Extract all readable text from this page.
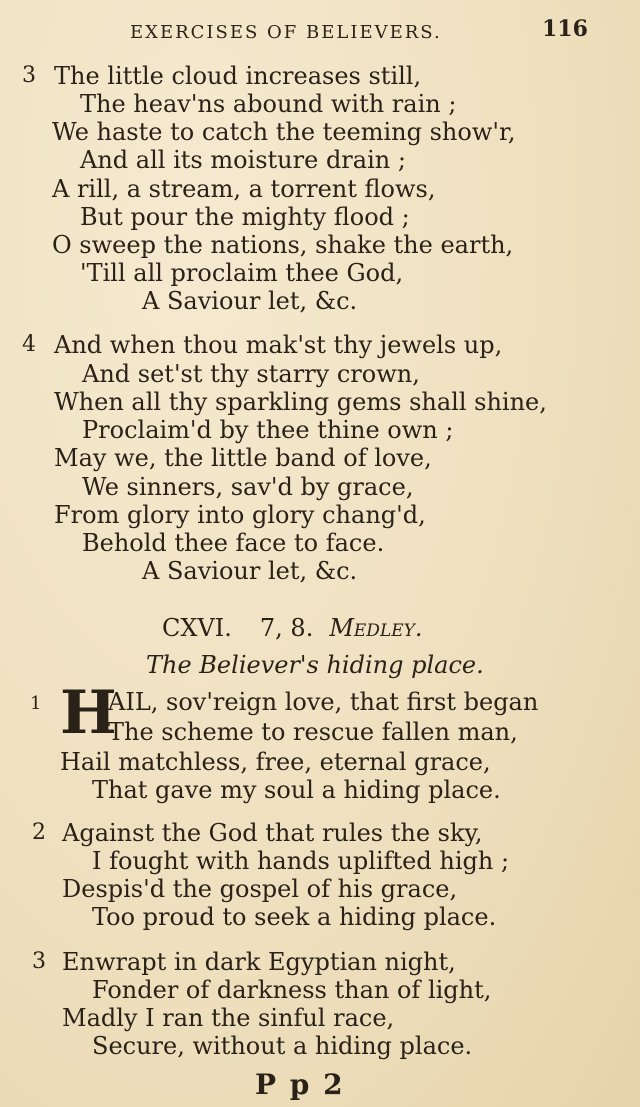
EXERCISES OF BELIEVERS.	116
3 The little cloud increases still,
The heav'ns abound with rain ;
We haste to catch the teeming show'r,
And all its moisture drain ;
A rill, a stream, a torrent flows,
But pour the mighty flood ;
O sweep the nations, shake the earth,
'Till all proclaim thee God,
A Saviour let, &c.
4 And when thou mak'st thy jewels up,
And set'st thy starry crown,
When all thy sparkling gems shall shine,
Proclaim'd by thee thine own ;
May we, the little band of love,
We sinners, sav'd by grace,
From glory into glory chang'd,
Behold thee face to face.
A Saviour let, &c.
CXVI. 7, 8. Medley.
The Believer's hiding place.
1 H
AIL, sov'reign love, that first began
The scheme to rescue fallen man,
Hail matchless, free, eternal grace,
That gave my soul a hiding place.
2 Against the God that rules the sky,
I fought with hands uplifted high ;
Despis'd the gospel of his grace,
Too proud to seek a hiding place.
3 Enwrapt in dark Egyptian night,
Fonder of darkness than of light,
Madly I ran the sinful race,
Secure, without a hiding place.
P p 2
